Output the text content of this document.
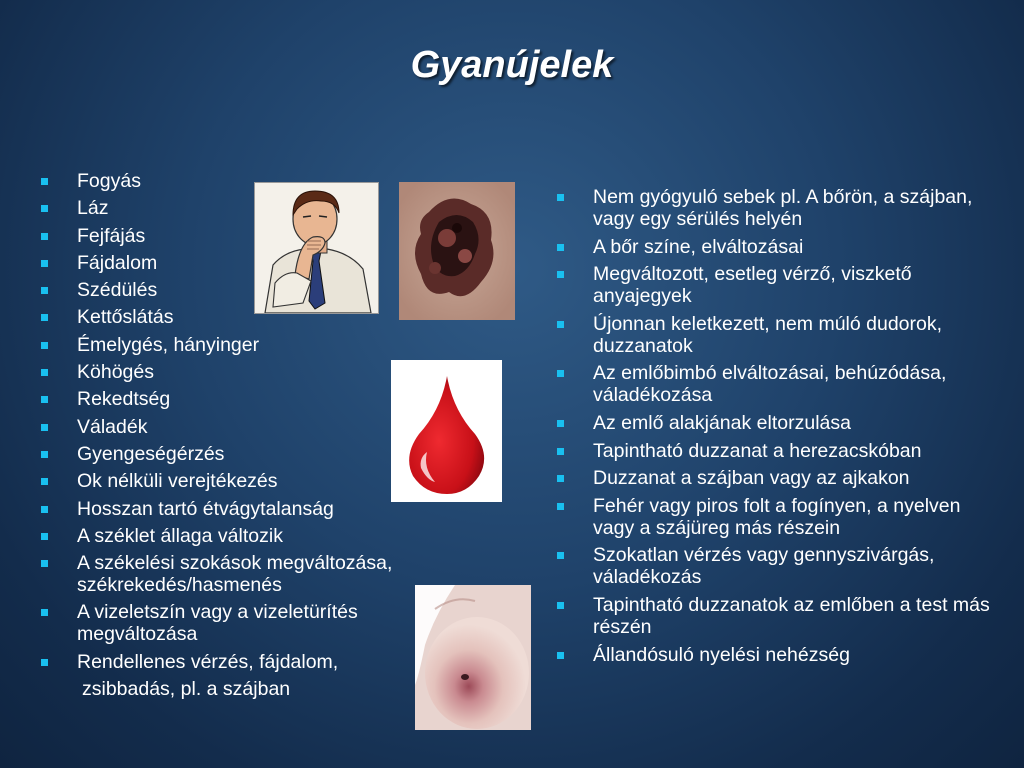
Gyanújelek
Fogyás
Láz
Fejfájás
Fájdalom
Szédülés
Kettőslátás
Émelygés, hányinger
Köhögés
Rekedtség
Váladék
Gyengeségérzés
Ok nélküli verejtékezés
Hosszan tartó étvágytalanság
A széklet állaga változik
A székelési szokások megváltozása, székrekedés/hasmenés
A vizeletszín vagy a vizeletürítés megváltozása
Rendellenes vérzés, fájdalom,
zsibbadás, pl. a szájban
Nem gyógyuló sebek pl. A bőrön, a szájban, vagy egy sérülés helyén
A bőr színe, elváltozásai
Megváltozott, esetleg vérző, viszkető anyajegyek
Újonnan keletkezett, nem múló dudorok, duzzanatok
Az emlőbimbó elváltozásai, behúzódása, váladékozása
Az emlő alakjának eltorzulása
Tapintható duzzanat a herezacskóban
Duzzanat a szájban vagy az ajkakon
Fehér vagy piros folt a fogínyen, a nyelven vagy a szájüreg más részein
Szokatlan vérzés vagy gennyszivárgás, váladékozás
Tapintható duzzanatok az emlőben a test más részén
Állandósuló nyelési nehézség
